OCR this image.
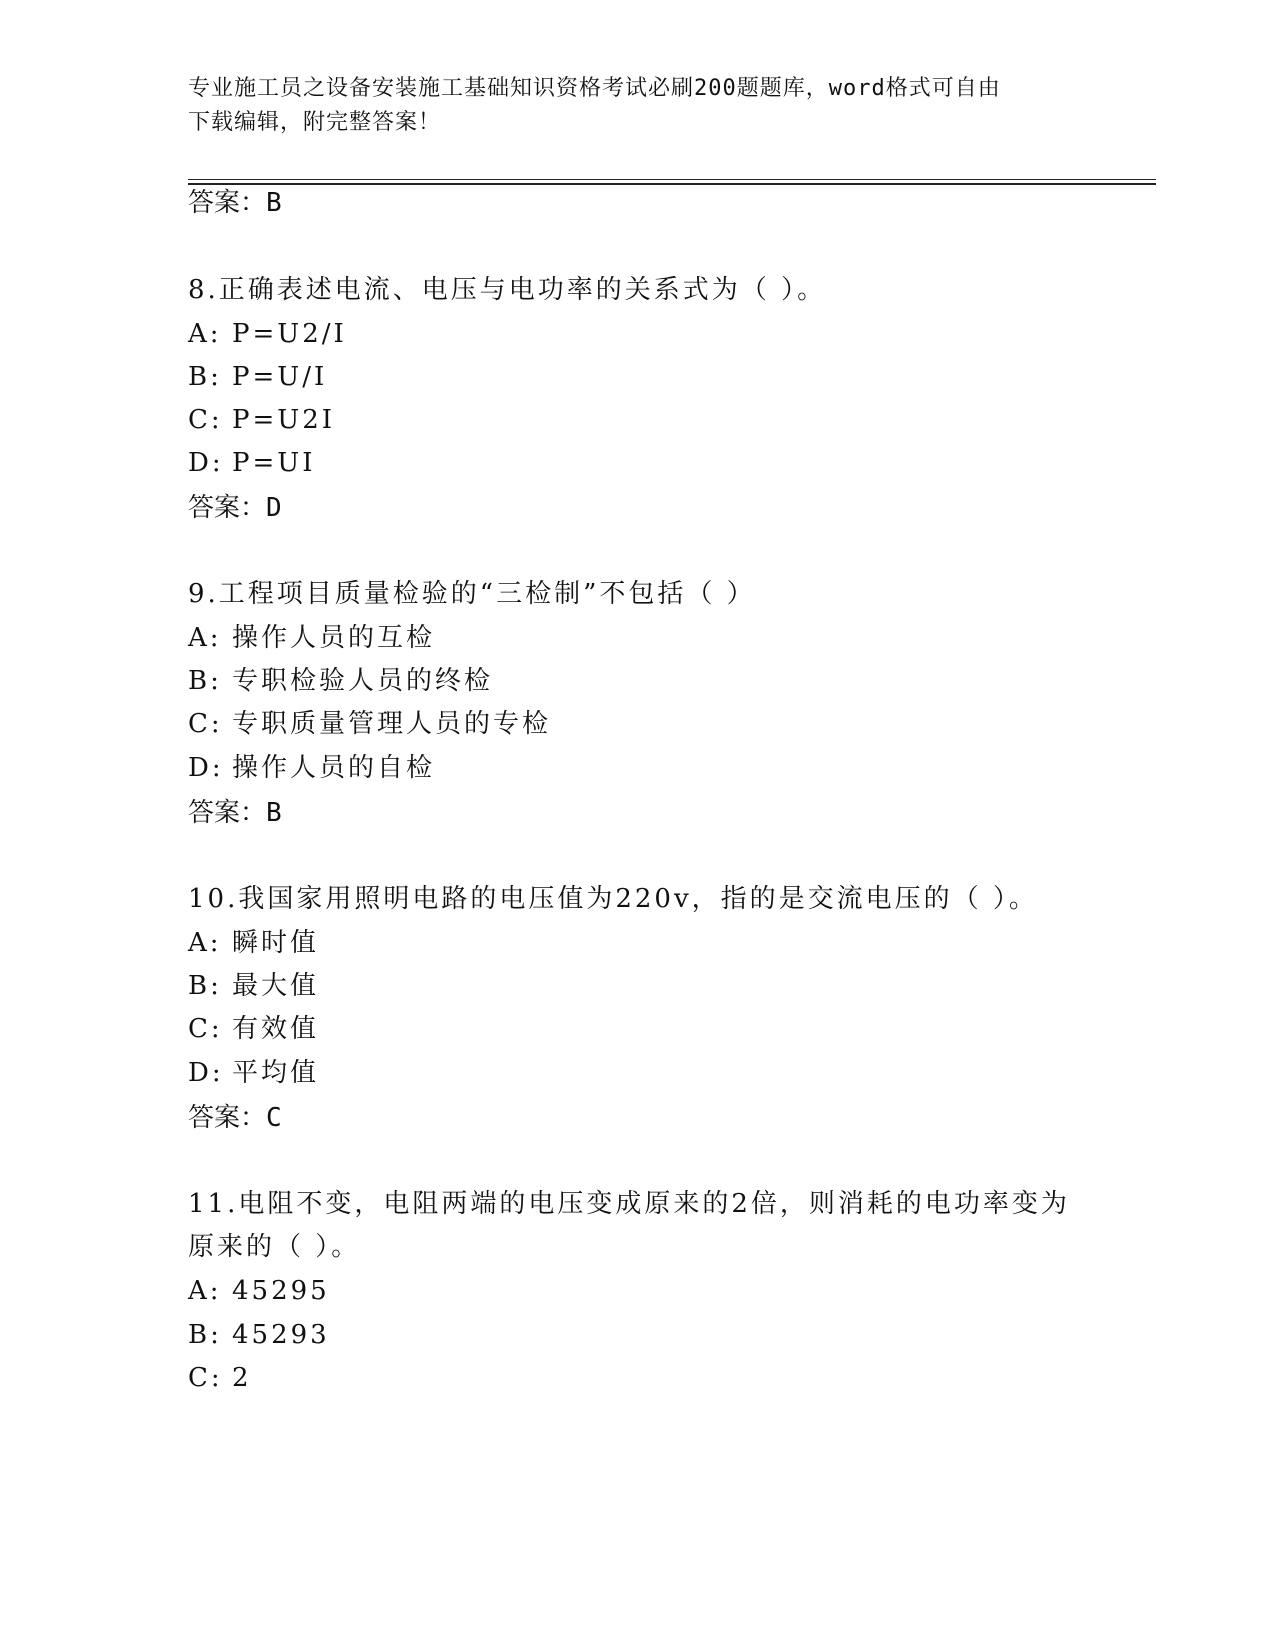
专业施工员之设备安装施工基础知识资格考试必刷200题题库，word格式可自由
下载编辑，附完整答案！
答案：B
8.正确表述电流、电压与电功率的关系式为（ ）。
A: P=U2/I
B: P=U/I
C: P=U2I
D: P=UI
答案：D
9.工程项目质量检验的“三检制”不包括（ ）
A: 操作人员的互检
B: 专职检验人员的终检
C: 专职质量管理人员的专检
D: 操作人员的自检
答案：B
10.我国家用照明电路的电压值为220v，指的是交流电压的（ ）。
A: 瞬时值
B: 最大值
C: 有效值
D: 平均值
答案：C
11.电阻不变，电阻两端的电压变成原来的2倍，则消耗的电功率变为
原来的（ ）。
A: 45295
B: 45293
C: 2
